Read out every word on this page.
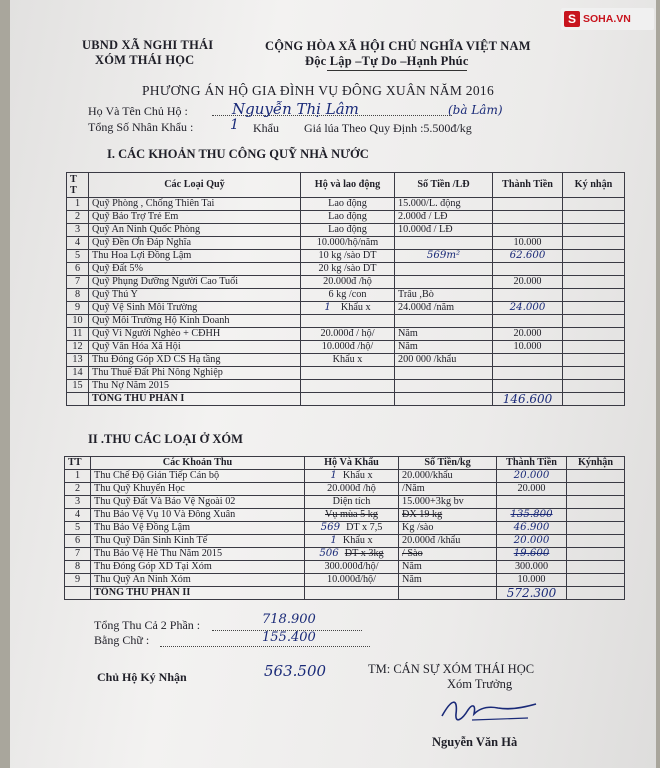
S SOHA.VN
UBND XÃ NGHI THÁI
XÓM THÁI HỌC
CỘNG HÒA XÃ HỘI CHỦ NGHĨA VIỆT NAM
Độc Lập –Tự Do –Hạnh Phúc
PHƯƠNG ÁN HỘ GIA ĐÌNH VỤ ĐÔNG XUÂN NĂM 2016
Họ Và Tên Chủ Hộ :	Nguyễn Thị Lâm	(bà Lâm)
Tổng Số Nhân Khẩu :	1 Khẩu Giá lúa Theo Quy Định :5.500đ/kg
I. CÁC KHOẢN THU CÔNG QUỸ NHÀ NƯỚC
T T	Các Loại Quỹ	Hộ và lao động	Số Tiền /LĐ	Thành Tiền	Ký nhận
1	Quỹ Phòng , Chống Thiên Tai	Lao động	15.000/L. động		
2	Quỹ Bảo Trợ Trẻ Em	Lao động	2.000đ / LĐ		
3	Quỹ An Ninh Quốc Phòng	Lao động	10.000đ / LĐ		
4	Quỹ Đền Ơn Đáp Nghĩa	10.000/hộ/năm		10.000	
5	Thu Hoa Lợi Đồng Lậm	10 kg /sào DT	569m²	62.600	
6	Quỹ Đất 5%	20 kg /sào DT			
7	Quỹ Phụng Dưỡng Người Cao Tuổi	20.000đ /hộ		20.000	
8	Quỹ Thú Y	6 kg /con	Trâu ,Bò		
9	Quỹ Vệ Sinh Môi Trường	1 Khẩu x	24.000đ /năm	24.000	
10	Quỹ Môi Trường Hộ Kinh Doanh				
11	Quỹ Vì Người Nghèo + CĐHH	20.000đ / hộ/	Năm	20.000	
12	Quỹ Văn Hóa Xã Hội	10.000đ /hộ/	Năm	10.000	
13	Thu Đóng Góp XD CS Hạ tầng	Khẩu x	200 000 /khẩu		
14	Thu Thuế Đất Phi Nông Nghiệp				
15	Thu Nợ Năm 2015				
	TỔNG THU PHẦN I			146.600	
II .THU CÁC LOẠI Ở XÓM
TT	Các Khoản Thu	Hộ Và Khẩu	Số Tiền/kg	Thành Tiền	Kýnhận
1	Thu Chế Độ Gián Tiếp Cán bộ	1 Khẩu x	20.000/khẩu	20.000	
2	Thu Quỹ Khuyến Học	20.000đ /hộ	/Năm	20.000	
3	Thu Quỹ Đất Và Bảo Vệ Ngoài 02	Diện tích	15.000+3kg bv		
4	Thu Bảo Vệ Vụ 10 Và Đông Xuân	Vụ mùa 5 kg	ĐX 19 kg	135.800	
5	Thu Bảo Vệ Đồng Lậm	569 DT x 7,5	Kg /sào	46.900	
6	Thu Quỹ Dân Sinh Kinh Tế	1 Khẩu x	20.000đ /khẩu	20.000	
7	Thu Bảo Vệ Hè Thu Năm 2015	506 DT x 3kg	/ Sào	19.600	
8	Thu Đóng Góp XD Tại Xóm	300.000đ/hộ/	Năm	300.000	
9	Thu Quỹ An Ninh Xóm	10.000đ/hộ/	Năm	10.000	
	TỔNG THU PHẦN II			572.300	
Tổng Thu Cả 2 Phần :	718.900
Bằng Chữ :	155.400
563.500
Chủ Hộ Ký Nhận
TM: CÁN SỰ XÓM THÁI HỌC
Xóm Trưởng
Nguyễn Văn Hà
